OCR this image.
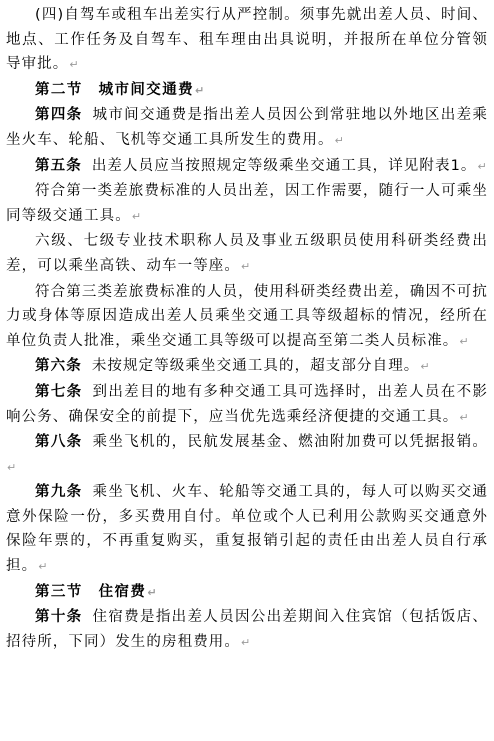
(四)自驾车或租车出差实行从严控制。须事先就出差人员、时间、地点、工作任务及自驾车、租车理由出具说明，并报所在单位分管领导审批。↵

第二节　城市间交通费↵

第四条 城市间交通费是指出差人员因公到常驻地以外地区出差乘坐火车、轮船、飞机等交通工具所发生的费用。↵

第五条 出差人员应当按照规定等级乘坐交通工具，详见附表1。↵

符合第一类差旅费标准的人员出差，因工作需要，随行一人可乘坐同等级交通工具。↵

六级、七级专业技术职称人员及事业五级职员使用科研类经费出差，可以乘坐高铁、动车一等座。↵

符合第三类差旅费标准的人员，使用科研类经费出差，确因不可抗力或身体等原因造成出差人员乘坐交通工具等级超标的情况，经所在单位负责人批准，乘坐交通工具等级可以提高至第二类人员标准。↵

第六条 未按规定等级乘坐交通工具的，超支部分自理。↵

第七条 到出差目的地有多种交通工具可选择时，出差人员在不影响公务、确保安全的前提下，应当优先选乘经济便捷的交通工具。↵

第八条 乘坐飞机的，民航发展基金、燃油附加费可以凭据报销。↵

第九条 乘坐飞机、火车、轮船等交通工具的，每人可以购买交通意外保险一份，多买费用自付。单位或个人已利用公款购买交通意外保险年票的，不再重复购买，重复报销引起的责任由出差人员自行承担。↵

第三节　住宿费↵

第十条 住宿费是指出差人员因公出差期间入住宾馆（包括饭店、招待所，下同）发生的房租费用。↵
